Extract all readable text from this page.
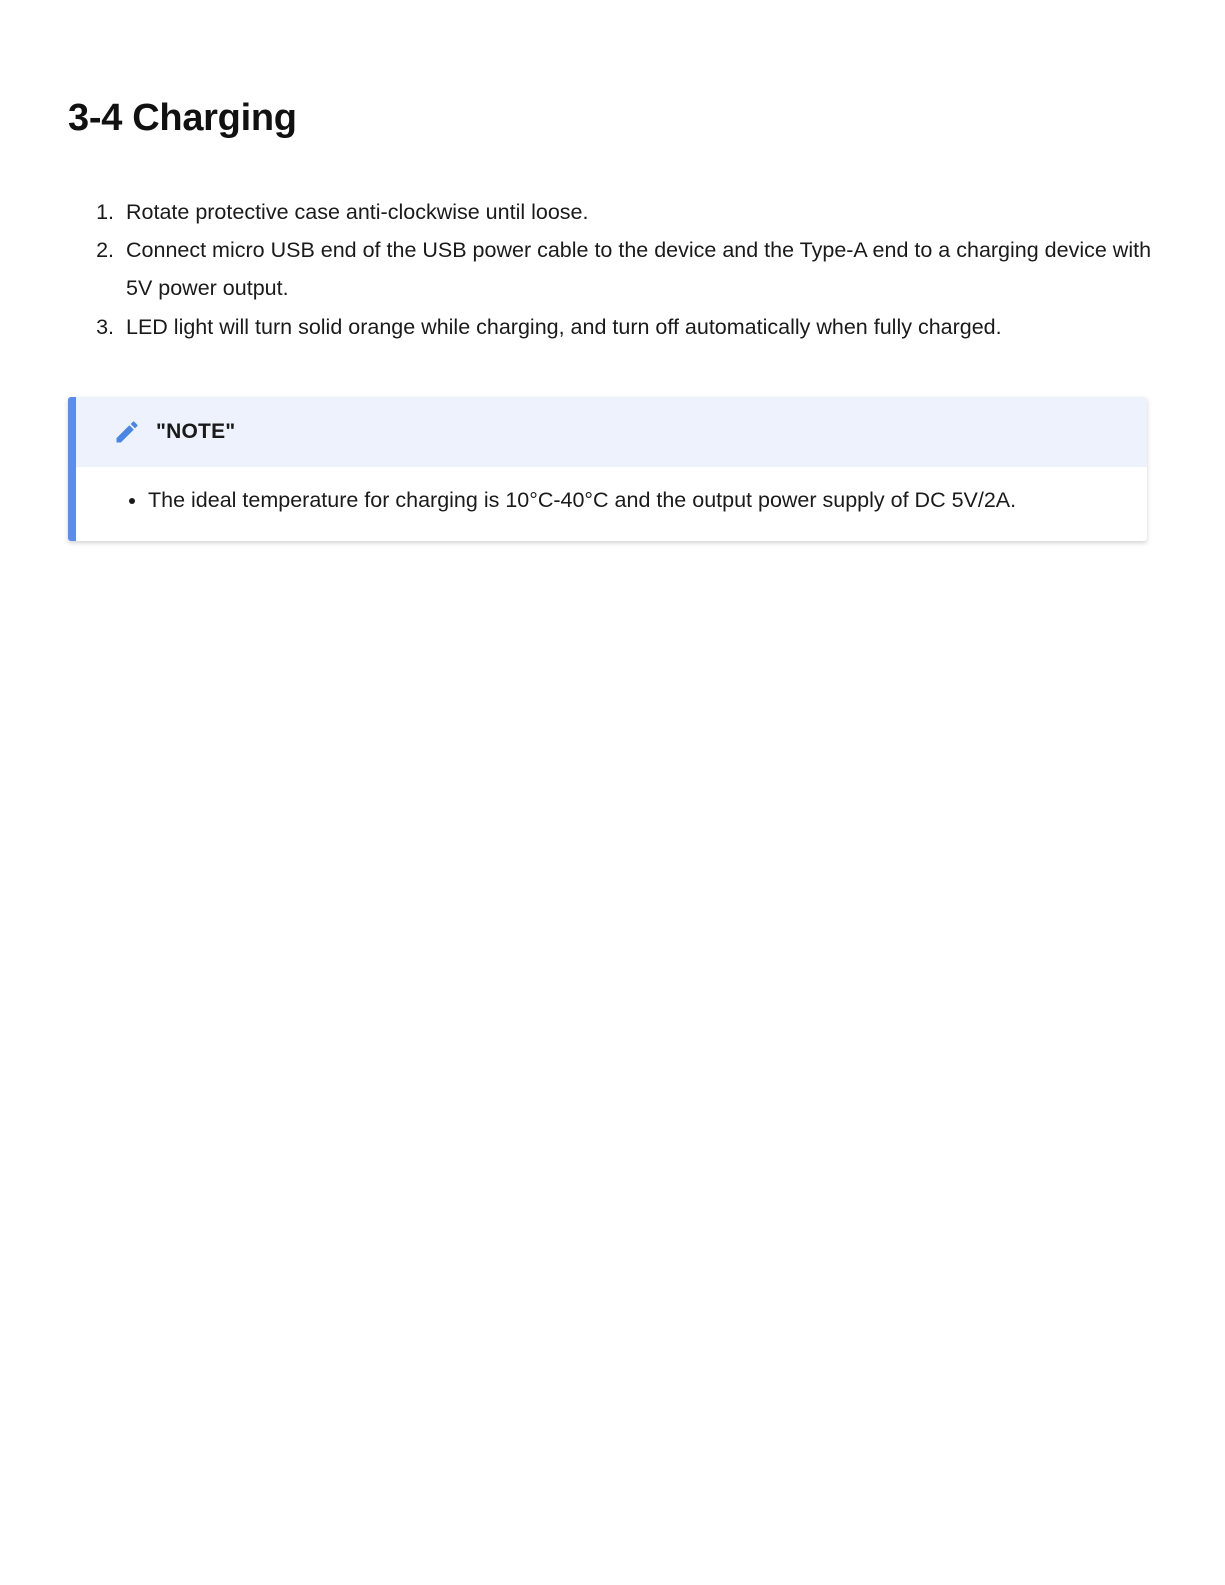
3-4 Charging
1. Rotate protective case anti-clockwise until loose.
2. Connect micro USB end of the USB power cable to the device and the Type-A end to a charging device with 5V power output.
3. LED light will turn solid orange while charging, and turn off automatically when fully charged.
"NOTE"
• The ideal temperature for charging is 10°C-40°C and the output power supply of DC 5V/2A.
